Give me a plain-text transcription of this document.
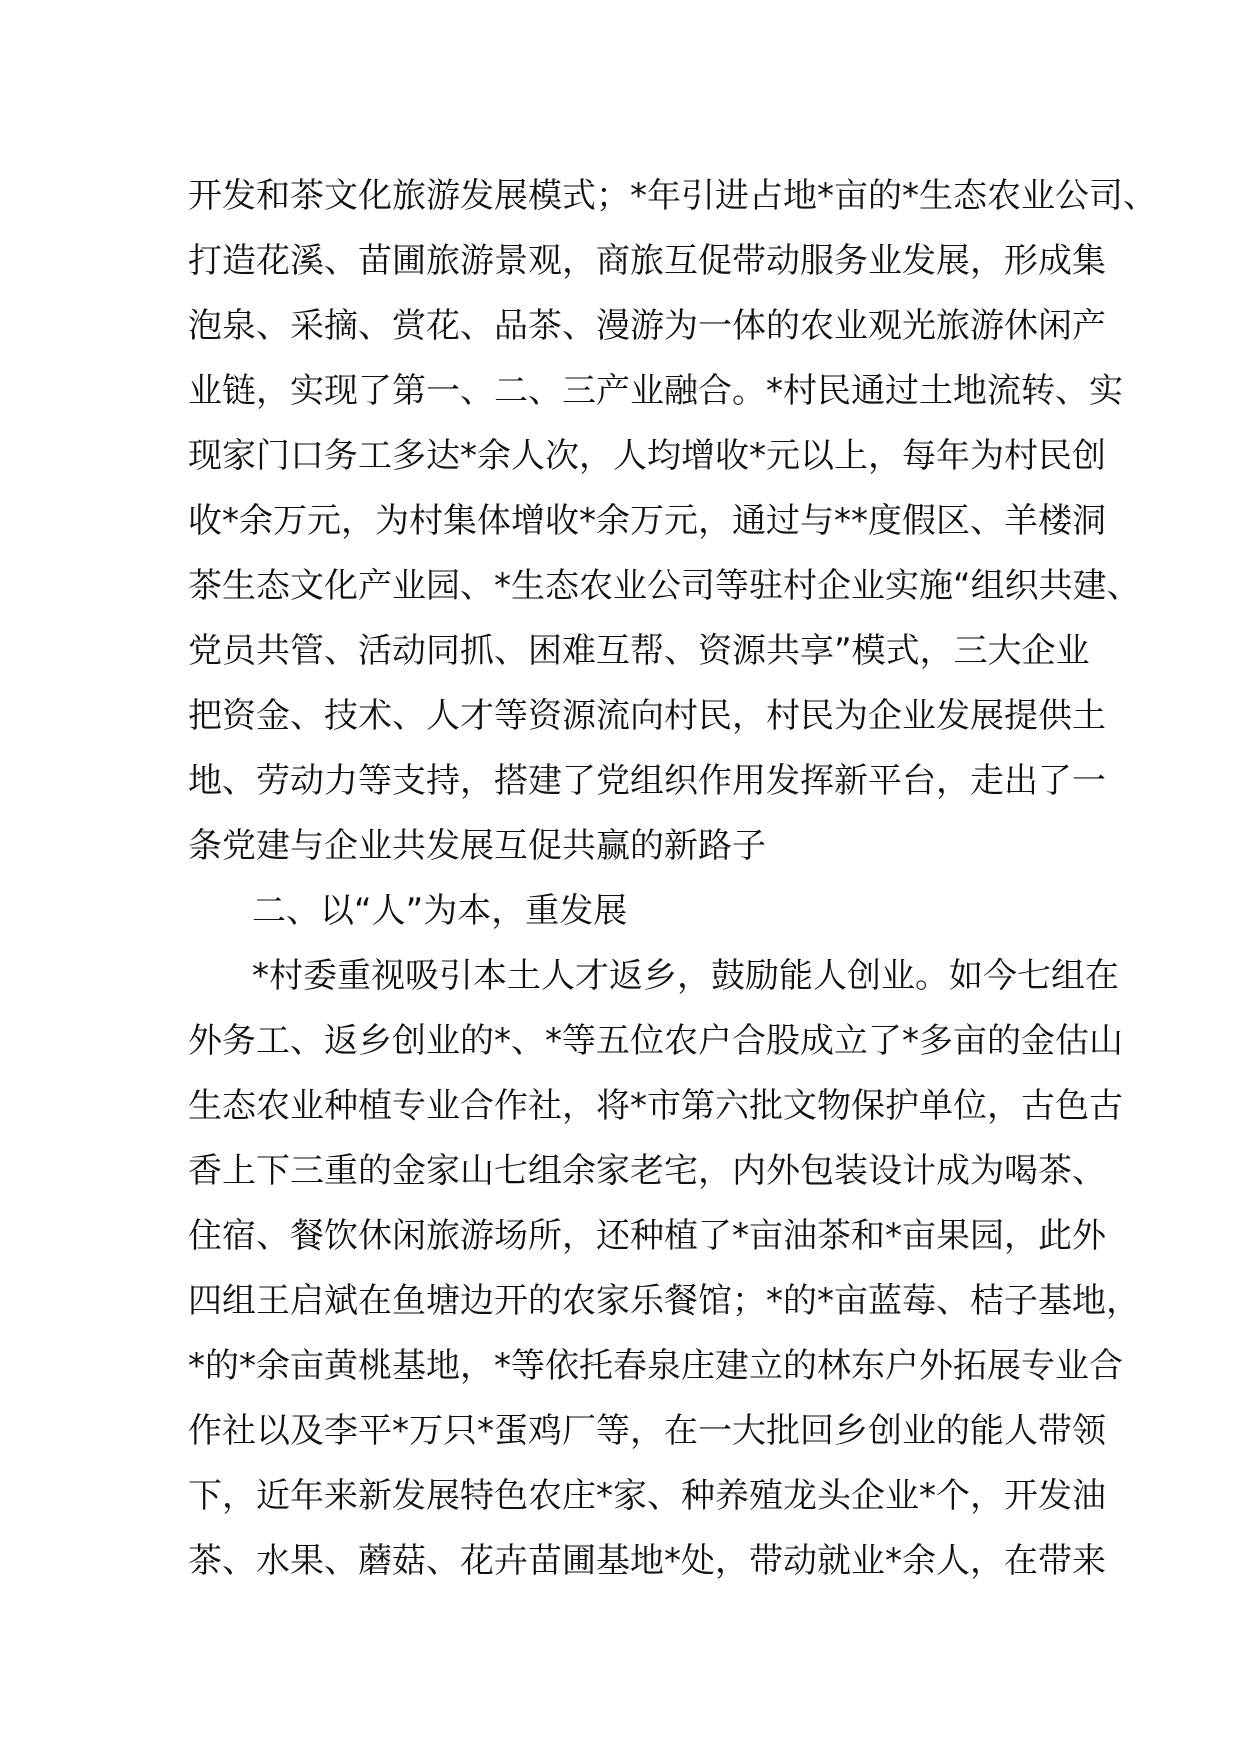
开发和茶文化旅游发展模式；*年引进占地*亩的*生态农业公司、
打造花溪、苗圃旅游景观，商旅互促带动服务业发展，形成集
泡泉、采摘、赏花、品茶、漫游为一体的农业观光旅游休闲产
业链，实现了第一、二、三产业融合。*村民通过土地流转、实
现家门口务工多达*余人次，人均增收*元以上，每年为村民创
收*余万元，为村集体增收*余万元，通过与**度假区、羊楼洞
茶生态文化产业园、*生态农业公司等驻村企业实施“组织共建、
党员共管、活动同抓、困难互帮、资源共享”模式，三大企业
把资金、技术、人才等资源流向村民，村民为企业发展提供土
地、劳动力等支持，搭建了党组织作用发挥新平台，走出了一
条党建与企业共发展互促共赢的新路子
二、以“人”为本，重发展
*村委重视吸引本土人才返乡，鼓励能人创业。如今七组在
外务工、返乡创业的*、*等五位农户合股成立了*多亩的金估山
生态农业种植专业合作社，将*市第六批文物保护单位，古色古
香上下三重的金家山七组余家老宅，内外包装设计成为喝茶、
住宿、餐饮休闲旅游场所，还种植了*亩油茶和*亩果园，此外
四组王启斌在鱼塘边开的农家乐餐馆；*的*亩蓝莓、桔子基地，
*的*余亩黄桃基地，*等依托春泉庄建立的林东户外拓展专业合
作社以及李平*万只*蛋鸡厂等，在一大批回乡创业的能人带领
下，近年来新发展特色农庄*家、种养殖龙头企业*个，开发油
茶、水果、蘑菇、花卉苗圃基地*处，带动就业*余人，在带来
